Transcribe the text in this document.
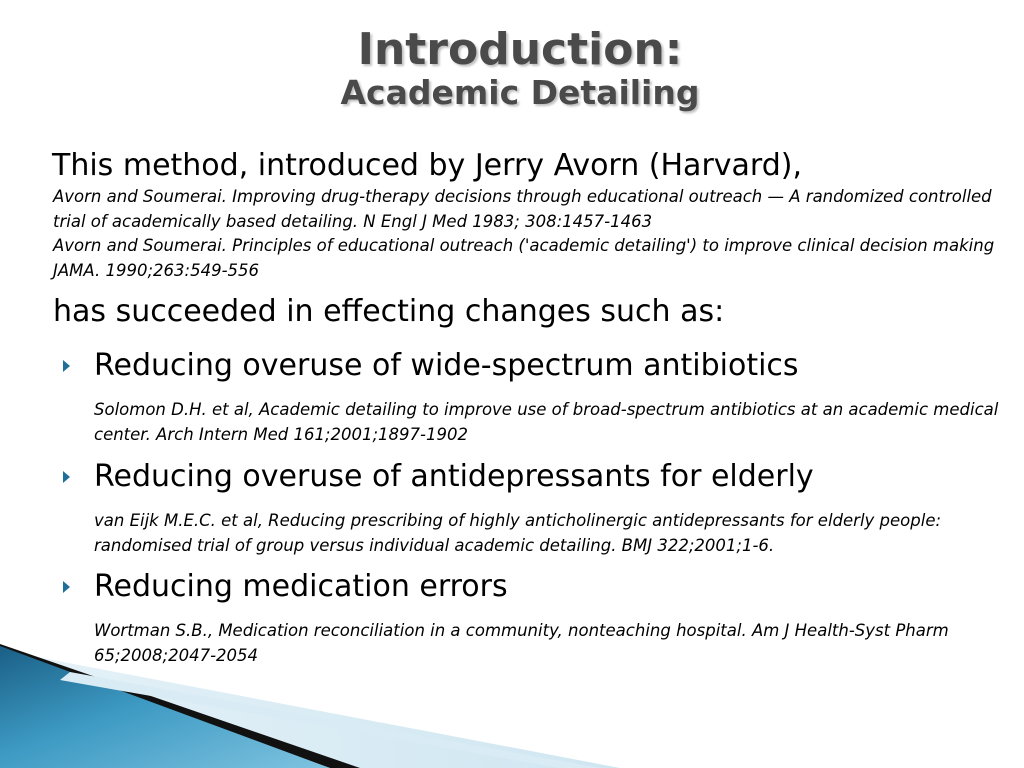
Introduction:
Academic Detailing
This method, introduced by Jerry Avorn (Harvard),

Avorn and Soumerai. Improving drug-therapy decisions through educational outreach — A randomized controlled trial of academically based detailing. N Engl J Med 1983; 308:1457-1463

Avorn and Soumerai. Principles of educational outreach ('academic detailing') to improve clinical decision making JAMA. 1990;263:549-556

has succeeded in effecting changes such as:
Reducing overuse of wide-spectrum antibiotics

Solomon D.H. et al, Academic detailing to improve use of broad-spectrum antibiotics at an academic medical center. Arch Intern Med 161;2001;1897-1902

Reducing overuse of antidepressants for elderly

van Eijk M.E.C. et al, Reducing prescribing of highly anticholinergic antidepressants for elderly people: randomised trial of group versus individual academic detailing. BMJ 322;2001;1-6.

Reducing medication errors

Wortman S.B., Medication reconciliation in a community, nonteaching hospital. Am J Health-Syst Pharm 65;2008;2047-2054
